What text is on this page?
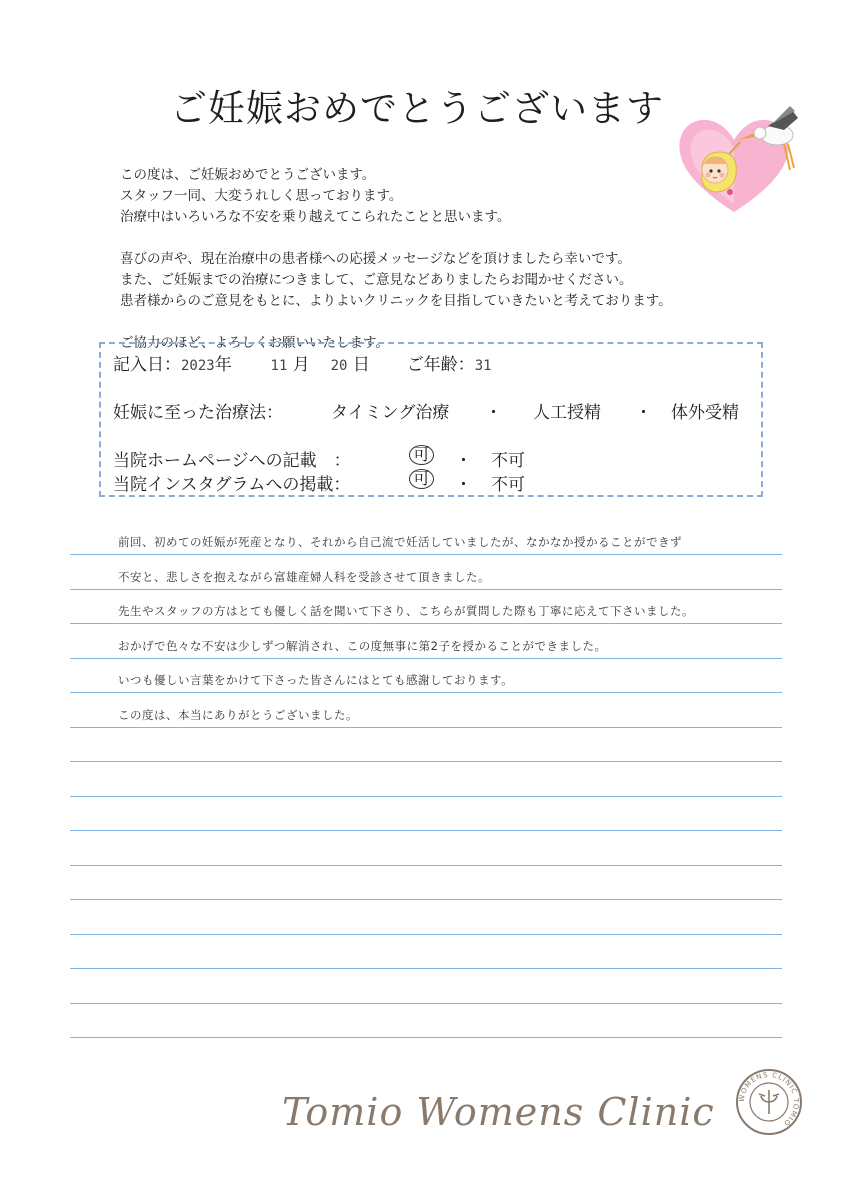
ご妊娠おめでとうございます

この度は、ご妊娠おめでとうございます。

スタッフ一同、大変うれしく思っております。

治療中はいろいろな不安を乗り越えてこられたことと思います。

喜びの声や、現在治療中の患者様への応援メッセージなどを頂けましたら幸いです。

また、ご妊娠までの治療につきまして、ご意見などありましたらお聞かせください。

患者様からのご意見をもとに、よりよいクリニックを目指していきたいと考えております。

ご協力のほど、よろしくお願いいたします。

記入日：2023年	11 月 20 日 ご年齢：31
妊娠に至った治療法：	タイミング治療 ・ 人工授精 ・ 体外受精
当院ホームページへの記載　：	可 ・ 不可
当院インスタグラムへの掲載：	可 ・ 不可
前回、初めての妊娠が死産となり、それから自己流で妊活していましたが、なかなか授かることができず
不安と、悲しさを抱えながら富雄産婦人科を受診させて頂きました。
先生やスタッフの方はとても優しく話を聞いて下さり、こちらが質問した際も丁寧に応えて下さいました。
おかげで色々な不安は少しずつ解消され、この度無事に第2子を授かることができました。
いつも優しい言葉をかけて下さった皆さんにはとても感謝しております。
この度は、本当にありがとうございました。
Tomio Womens Clinic	WOMENS CLINIC TOMIO
